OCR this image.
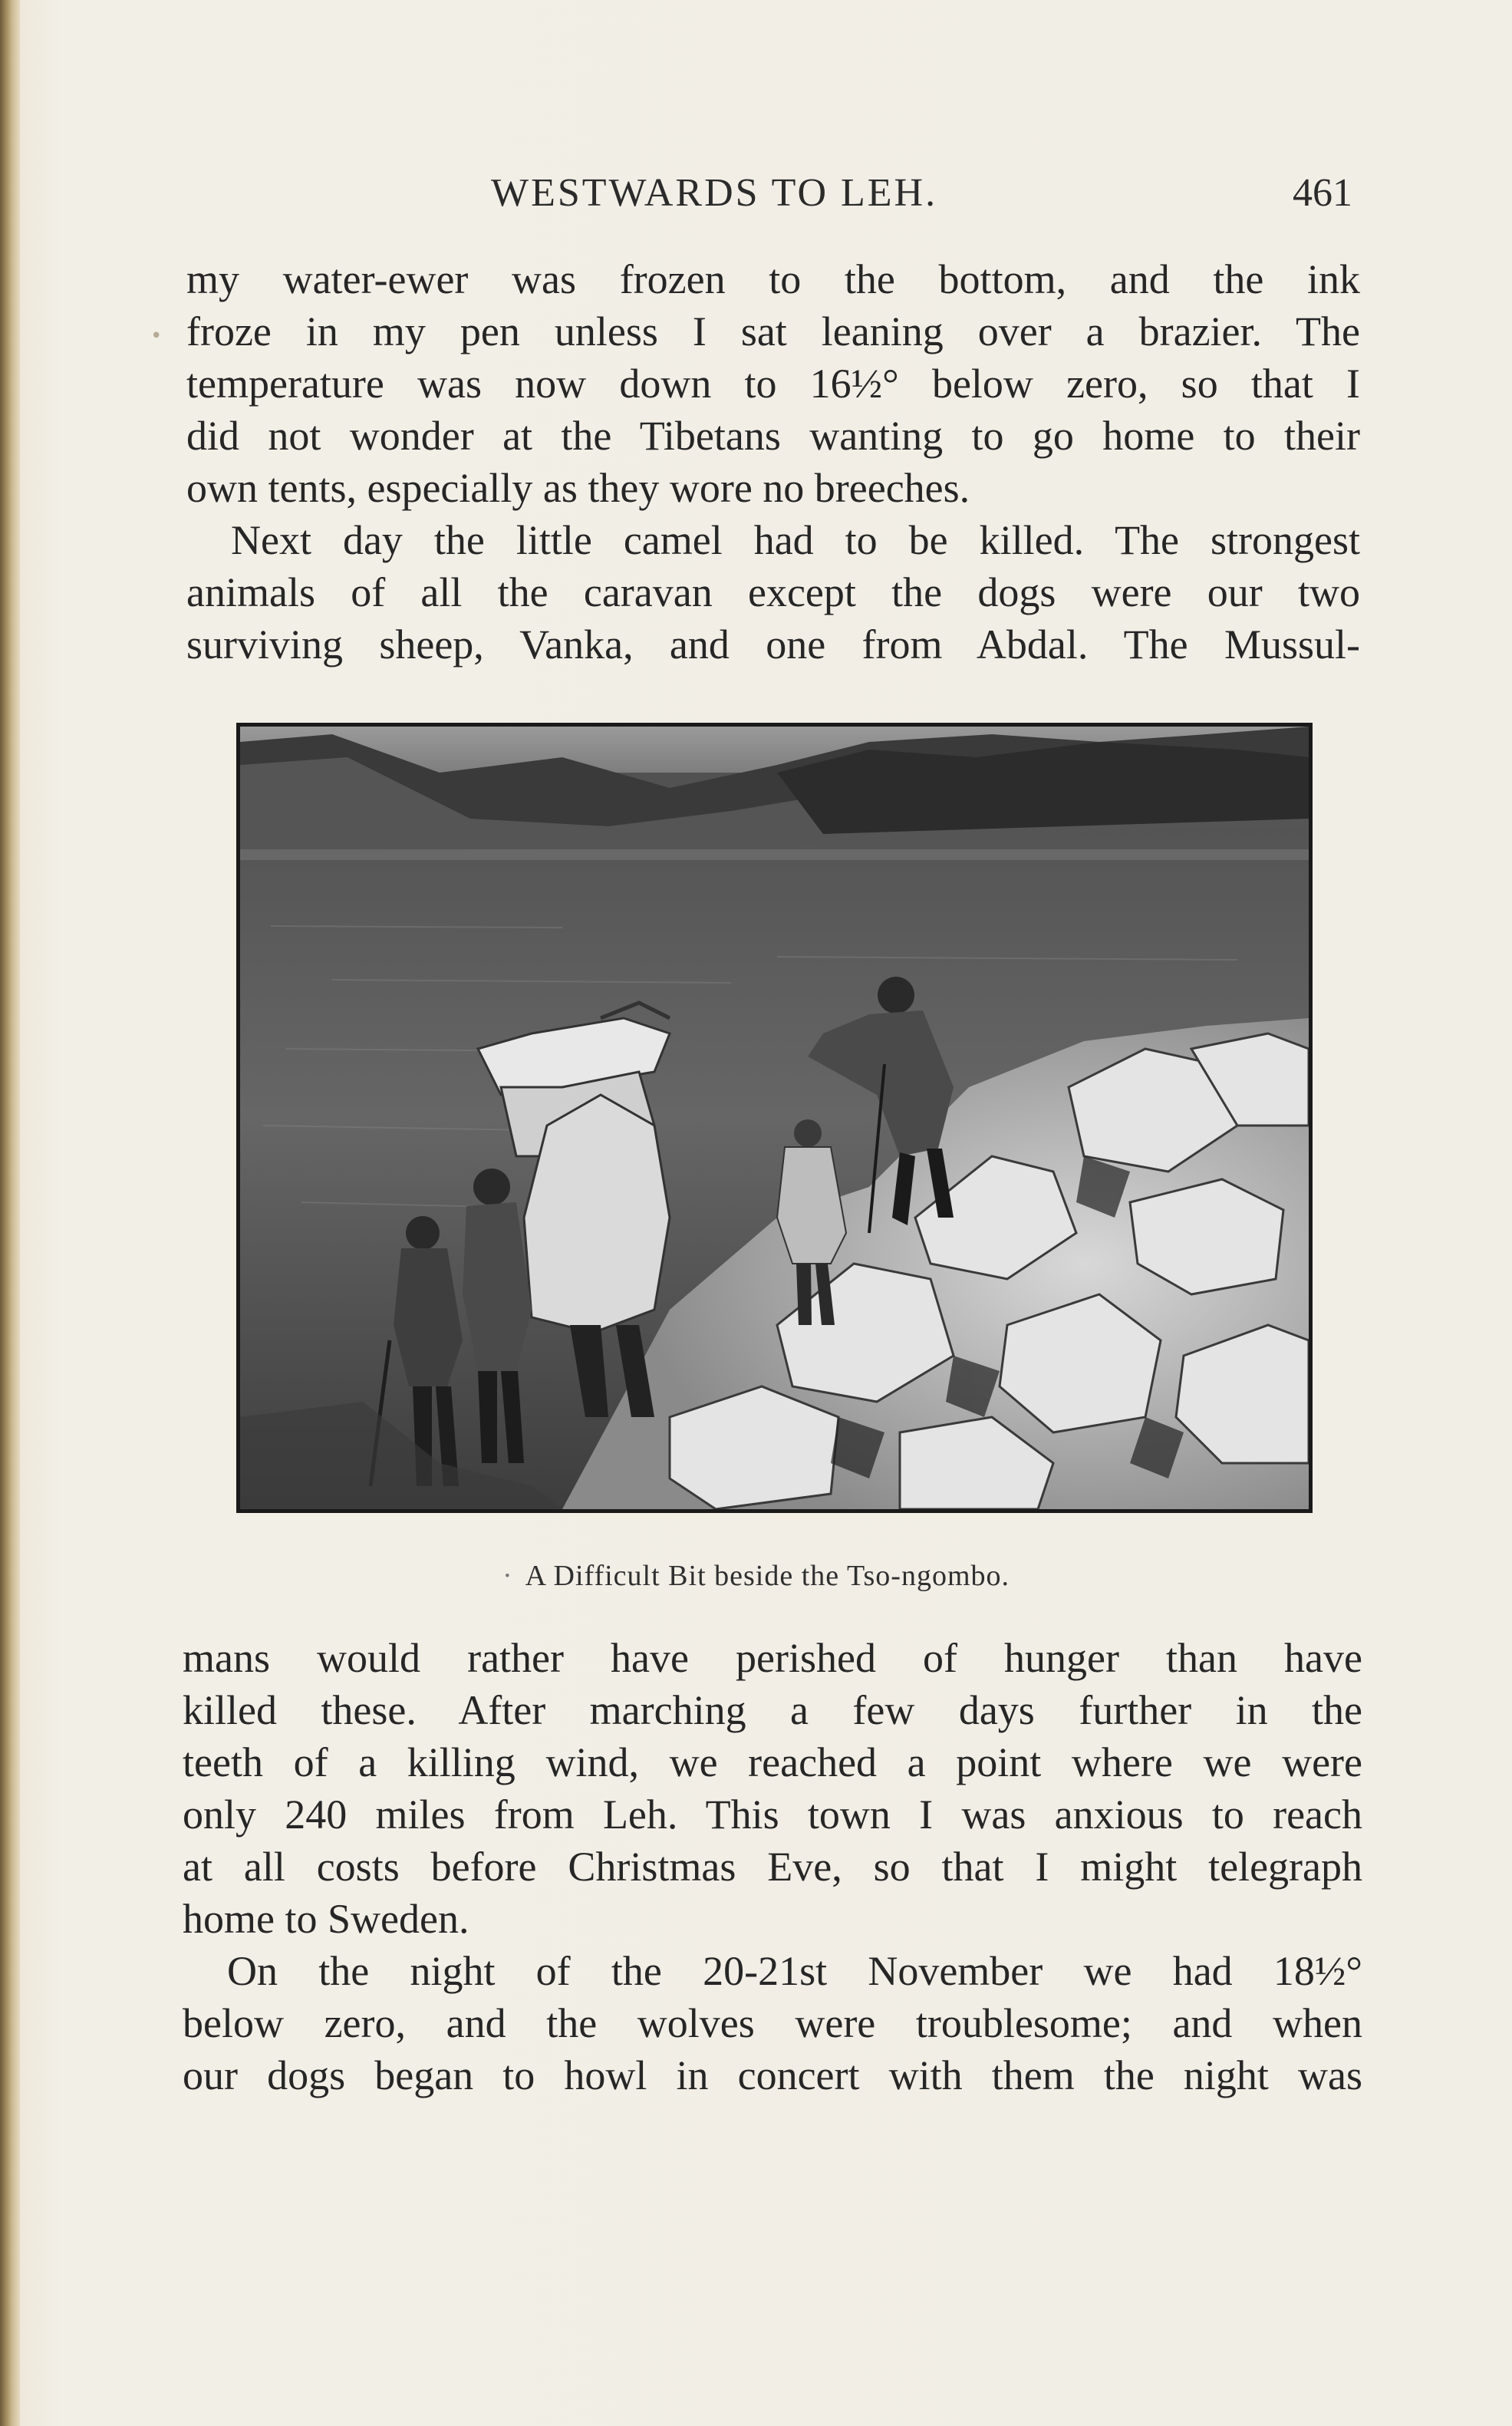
WESTWARDS TO LEH.	461
•
my water-ewer was frozen to the bottom, and the ink
froze in my pen unless I sat leaning over a brazier. The
temperature was now down to 16½° below zero, so that I
did not wonder at the Tibetans wanting to go home to their
own tents, especially as they wore no breeches.
Next day the little camel had to be killed. The strongest
animals of all the caravan except the dogs were our two
surviving sheep, Vanka, and one from Abdal. The Mussul-
· A Difficult Bit beside the Tso-ngombo.
mans would rather have perished of hunger than have
killed these. After marching a few days further in the
teeth of a killing wind, we reached a point where we were
only 240 miles from Leh. This town I was anxious to reach
at all costs before Christmas Eve, so that I might telegraph
home to Sweden.
On the night of the 20-21st November we had 18½°
below zero, and the wolves were troublesome; and when
our dogs began to howl in concert with them the night was
